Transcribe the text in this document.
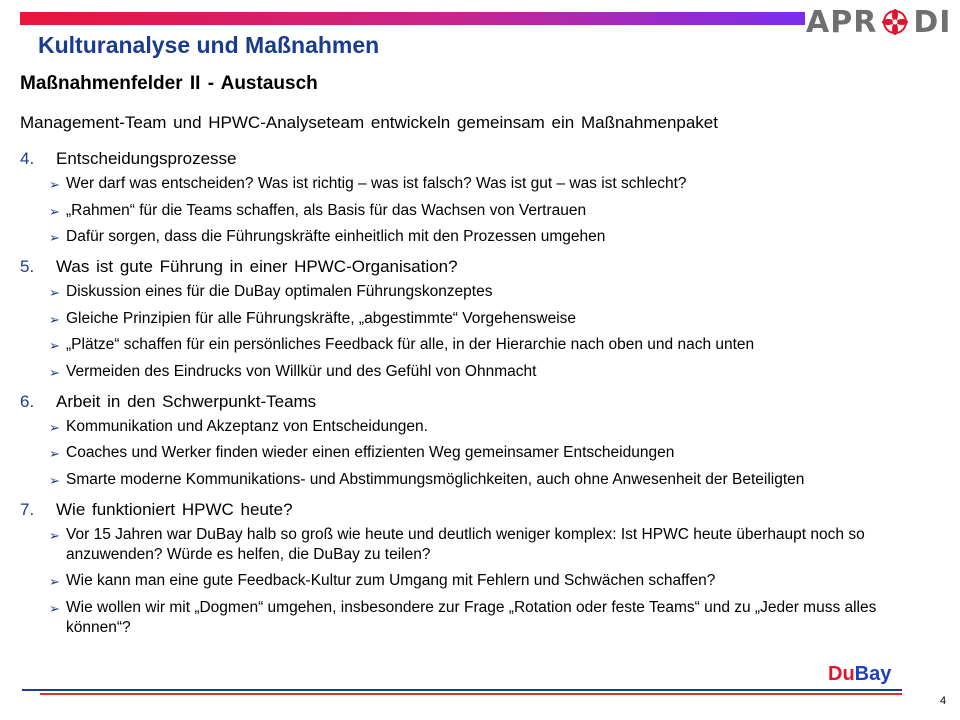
APR DI
Kulturanalyse und Maßnahmen
Maßnahmenfelder II - Austausch
Management-Team und HPWC-Analyseteam entwickeln gemeinsam ein Maßnahmenpaket
4.	Entscheidungsprozesse
➢ Wer darf was entscheiden? Was ist richtig – was ist falsch? Was ist gut – was ist schlecht?
➢ „Rahmen“ für die Teams schaffen, als Basis für das Wachsen von Vertrauen
➢ Dafür sorgen, dass die Führungskräfte einheitlich mit den Prozessen umgehen
5.	Was ist gute Führung in einer HPWC-Organisation?
➢ Diskussion eines für die DuBay optimalen Führungskonzeptes
➢ Gleiche Prinzipien für alle Führungskräfte, „abgestimmte“ Vorgehensweise
➢ „Plätze“ schaffen für ein persönliches Feedback für alle, in der Hierarchie nach oben und nach unten
➢ Vermeiden des Eindrucks von Willkür und des Gefühl von Ohnmacht
6.	Arbeit in den Schwerpunkt-Teams
➢ Kommunikation und Akzeptanz von Entscheidungen.
➢ Coaches und Werker finden wieder einen effizienten Weg gemeinsamer Entscheidungen
➢ Smarte moderne Kommunikations- und Abstimmungsmöglichkeiten, auch ohne Anwesenheit der Beteiligten
7.	Wie funktioniert HPWC heute?
➢ Vor 15 Jahren war DuBay halb so groß wie heute und deutlich weniger komplex: Ist HPWC heute überhaupt noch so anzuwenden? Würde es helfen, die DuBay zu teilen?
➢ Wie kann man eine gute Feedback-Kultur zum Umgang mit Fehlern und Schwächen schaffen?
➢ Wie wollen wir mit „Dogmen“ umgehen, insbesondere zur Frage „Rotation oder feste Teams“ und zu „Jeder muss alles können“?
DuBay
4
